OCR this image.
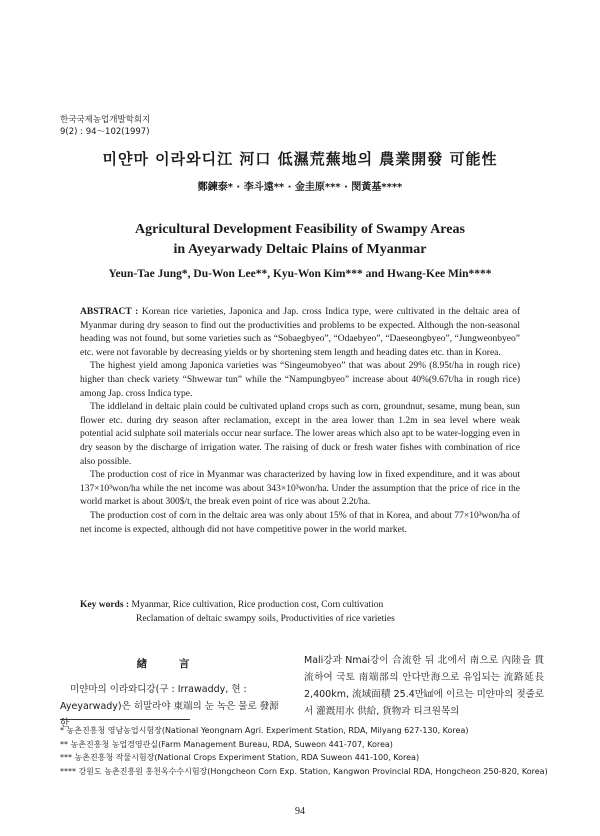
한국국제농업개발학회지
9(2) : 94～102(1997)
미얀마 이라와디江 河口 低濕荒蕪地의 農業開發 可能性
鄭鍊泰* · 李斗遠** · 金圭原*** · 閔黃基****
Agricultural Development Feasibility of Swampy Areas
in Ayeyarwady Deltaic Plains of Myanmar
Yeun-Tae Jung*, Du-Won Lee**, Kyu-Won Kim*** and Hwang-Kee Min****

ABSTRACT : Korean rice varieties, Japonica and Jap. cross Indica type, were cultivated in the deltaic area of Myanmar during dry season to find out the productivities and problems to be expected. Although the non-seasonal heading was not found, but some varieties such as “Sobaegbyeo”, “Odaebyeo”, “Daeseongbyeo”, “Jungweonbyeo” etc. were not favorable by decreasing yields or by shortening stem length and heading dates etc. than in Korea.

The highest yield among Japonica varieties was “Singeumobyeo” that was about 29% (8.95t/ha in rough rice) higher than check variety “Shwewar tun” while the “Nampungbyeo” increase about 40%(9.67t/ha in rough rice) among Jap. cross Indica type.

The iddleland in deltaic plain could be cultivated upland crops such as corn, groundnut, sesame, mung bean, sun flower etc. during dry season after reclamation, except in the area lower than 1.2m in sea level where weak potential acid sulphate soil materials occur near surface. The lower areas which also apt to be water-logging even in dry season by the discharge of irrigation water. The raising of duck or fresh water fishes with combination of rice also possible.

The production cost of rice in Myanmar was characterized by having low in fixed expenditure, and it was about 137×10³won/ha while the net income was about 343×10³won/ha. Under the assumption that the price of rice in the world market is about 300$/t, the break even point of rice was about 2.2t/ha.

The production cost of corn in the deltaic area was only about 15% of that in Korea, and about 77×10³won/ha of net income is expected, although did not have competitive power in the world market.

Key words : Myanmar, Rice cultivation, Rice production cost, Corn cultivation
Reclamation of deltaic swampy soils, Productivities of rice varieties
緖 言

미얀마의 이라와디강(구 : Irrawaddy, 현 : Ayeyarwady)은 히말라야 東端의 눈 녹은 물로 發源한

Mali강과 Nmai강이 合流한 뒤 北에서 南으로 內陸을 貫流하여 국토 南端部의 안다만海으로 유입되는 流路延長 2,400km, 流域面積 25.4만㎢에 이르는 미얀마의 젖줄로서 灌漑用水 供給, 貨物과 티크원목의

* 농촌진흥청 영남농업시험장(National Yeongnam Agri. Experiment Station, RDA, Milyang 627-130, Korea)
** 농촌진흥청 농업경영관실(Farm Management Bureau, RDA, Suweon 441-707, Korea)
*** 농촌진흥청 작물시험장(National Crops Experiment Station, RDA Suweon 441-100, Korea)
**** 강원도 농촌진흥원 홍천옥수수시험장(Hongcheon Corn Exp. Station, Kangwon Provincial RDA, Hongcheon 250-820, Korea)
94
